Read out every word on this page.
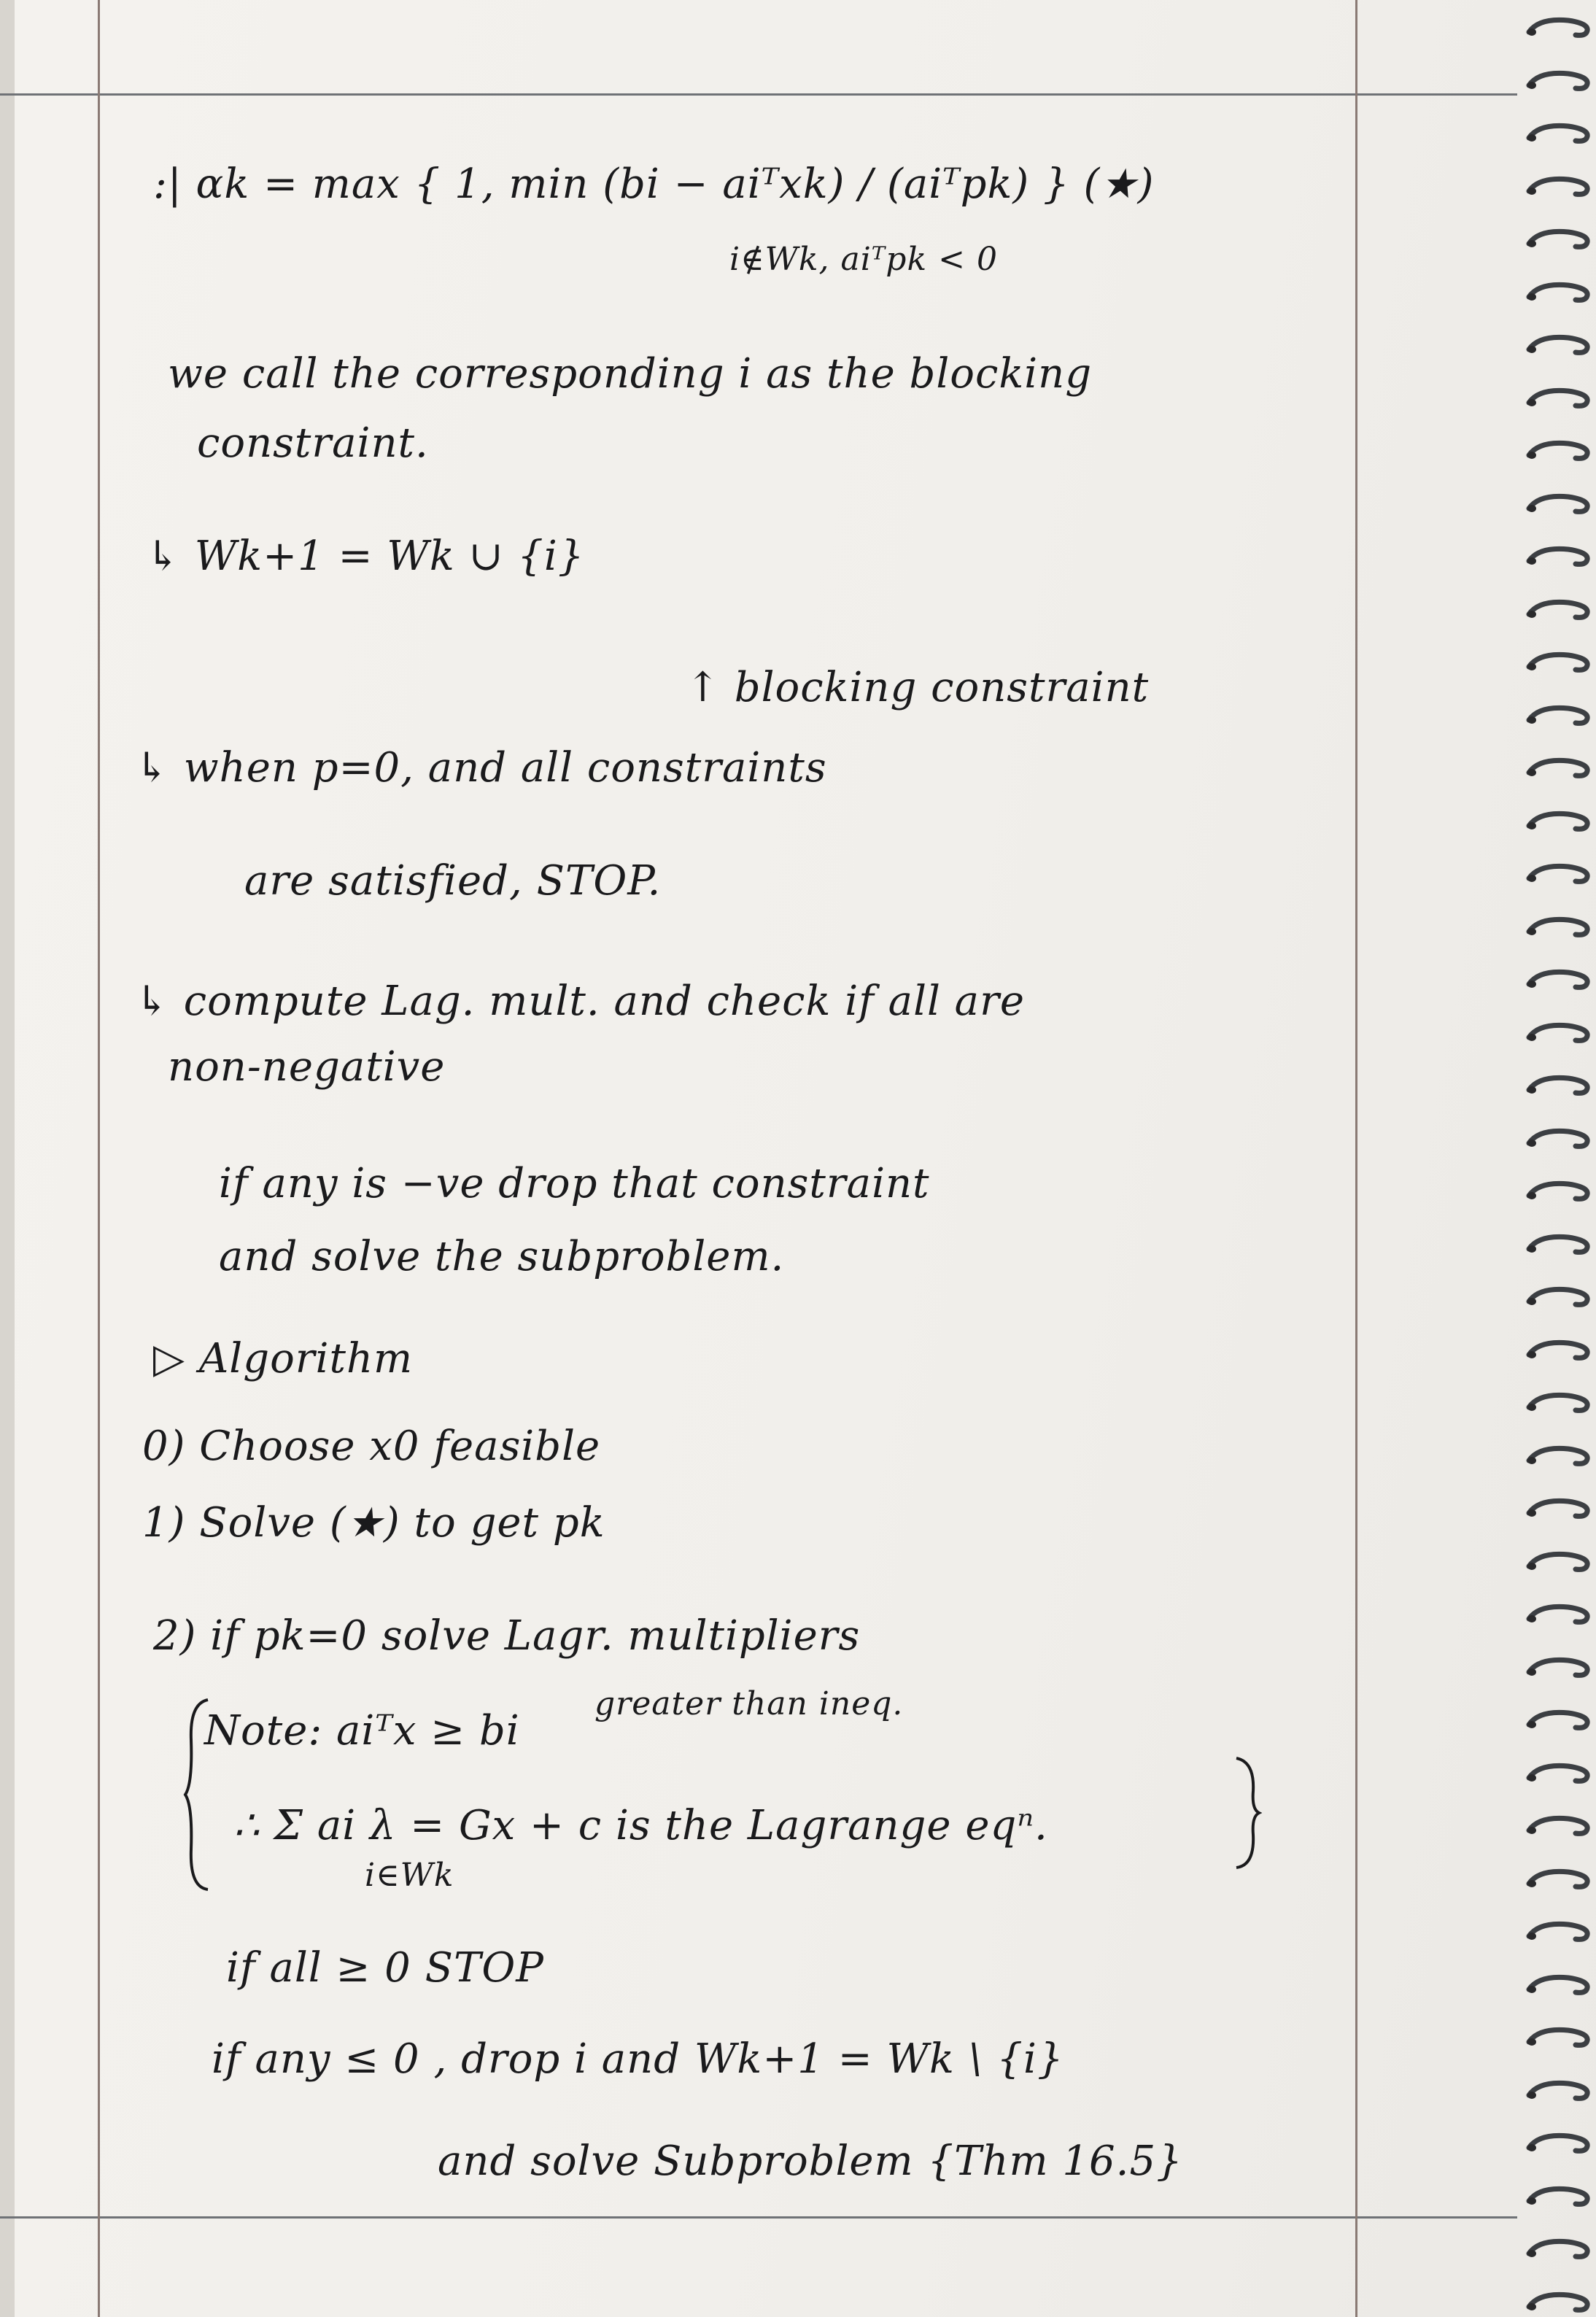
:| αk = max { 1, min (bi − aiᵀxk) / (aiᵀpk) } (★)
i∉Wk, aiᵀpk < 0
we call the corresponding i as the blocking
constraint.
↳ Wk+1 = Wk ∪ {i}
↑ blocking constraint
↳ when p=0, and all constraints
are satisfied, STOP.
↳ compute Lag. mult. and check if all are
non-negative
if any is −ve drop that constraint
and solve the subproblem.
▷ Algorithm
0) Choose x0 feasible
1) Solve (★) to get pk
2) if pk=0 solve Lagr. multipliers
greater than ineq.
Note: aiᵀx ≥ bi
∴ Σ ai λ = Gx + c is the Lagrange eqⁿ.
i∈Wk
if all ≥ 0 STOP
if any ≤ 0 , drop i and Wk+1 = Wk \ {i}
and solve Subproblem {Thm 16.5}
